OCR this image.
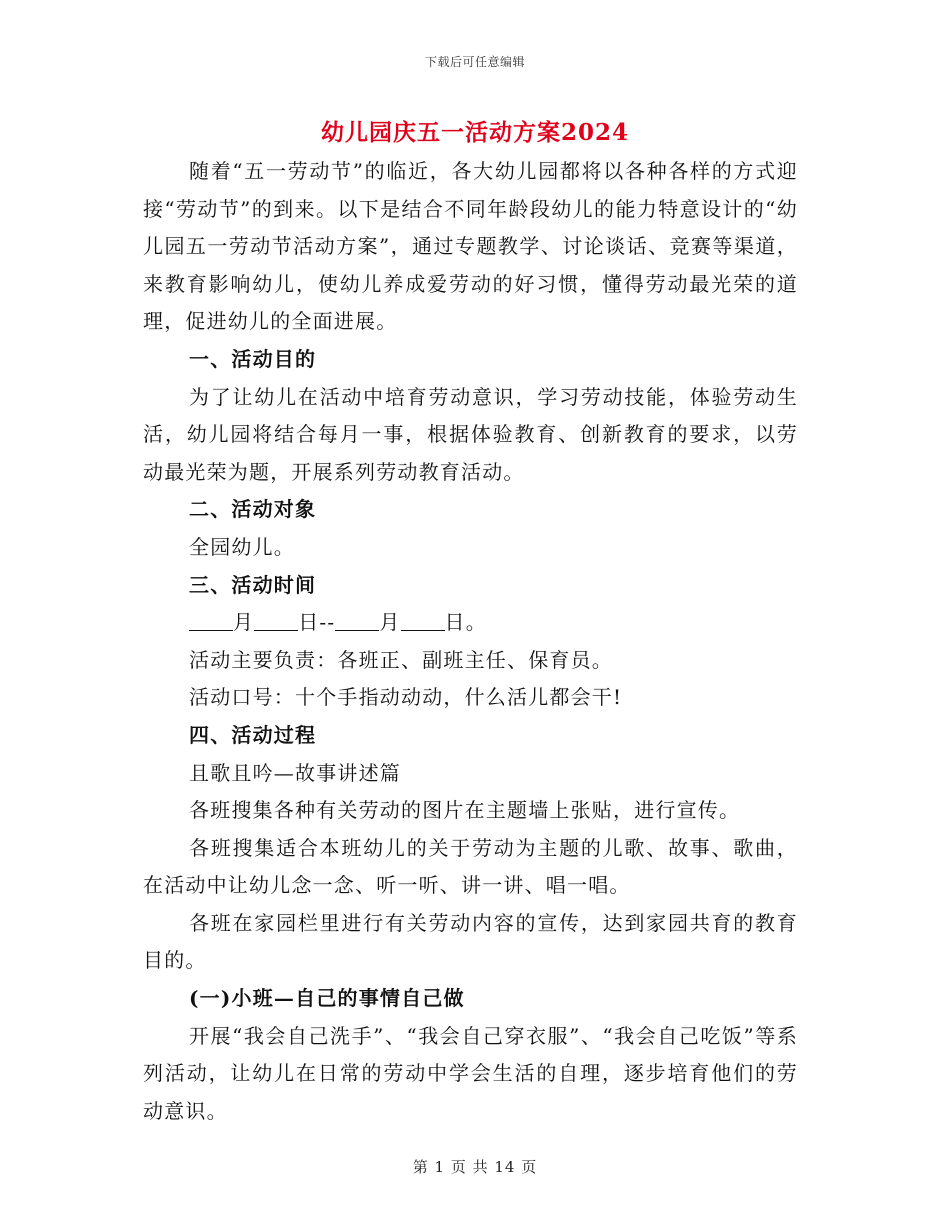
下载后可任意编辑
幼儿园庆五一活动方案2024

随着“五一劳动节”的临近，各大幼儿园都将以各种各样的方式迎接“劳动节”的到来。以下是结合不同年龄段幼儿的能力特意设计的“幼儿园五一劳动节活动方案”，通过专题教学、讨论谈话、竞赛等渠道，来教育影响幼儿，使幼儿养成爱劳动的好习惯，懂得劳动最光荣的道理，促进幼儿的全面进展。

一、活动目的

为了让幼儿在活动中培育劳动意识，学习劳动技能，体验劳动生活，幼儿园将结合每月一事，根据体验教育、创新教育的要求，以劳动最光荣为题，开展系列劳动教育活动。

二、活动对象

全园幼儿。

三、活动时间

月 日-- 月 日。

活动主要负责：各班正、副班主任、保育员。

活动口号：十个手指动动动，什么活儿都会干!

四、活动过程

且歌且吟—故事讲述篇

各班搜集各种有关劳动的图片在主题墙上张贴，进行宣传。

各班搜集适合本班幼儿的关于劳动为主题的儿歌、故事、歌曲，在活动中让幼儿念一念、听一听、讲一讲、唱一唱。

各班在家园栏里进行有关劳动内容的宣传，达到家园共育的教育目的。

(一)小班—自己的事情自己做

开展“我会自己洗手”、“我会自己穿衣服”、“我会自己吃饭”等系列活动，让幼儿在日常的劳动中学会生活的自理，逐步培育他们的劳动意识。

第 1 页 共 14 页
